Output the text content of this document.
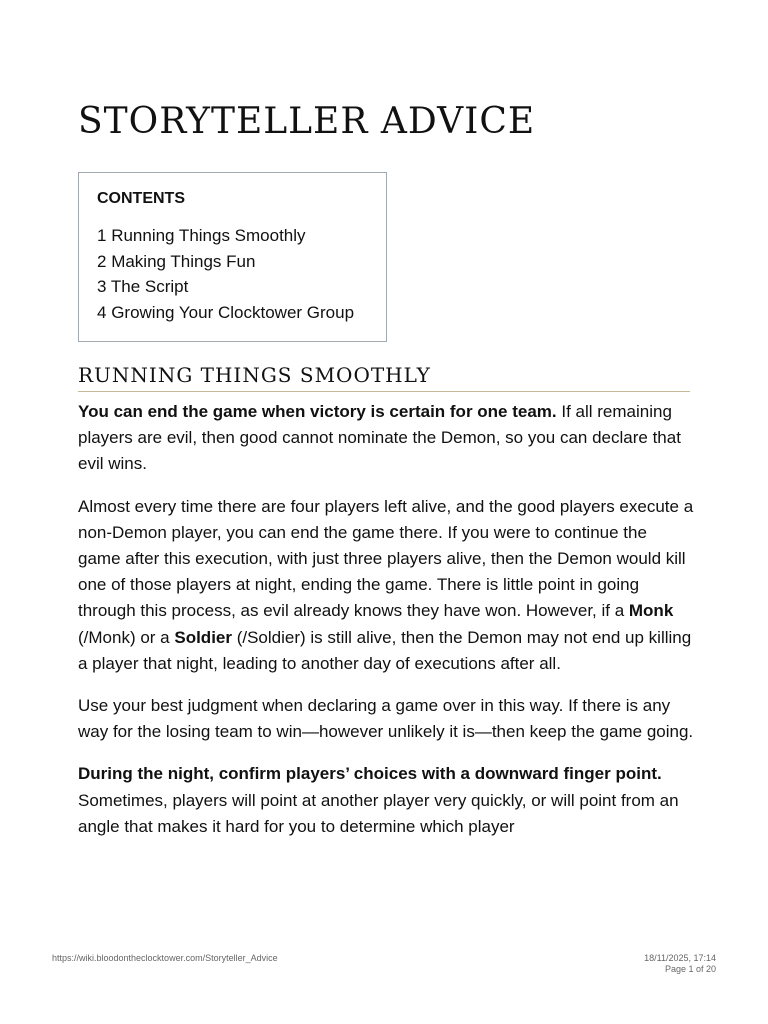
STORYTELLER ADVICE
CONTENTS
1 Running Things Smoothly
2 Making Things Fun
3 The Script
4 Growing Your Clocktower Group
RUNNING THINGS SMOOTHLY

You can end the game when victory is certain for one team. If all remaining players are evil, then good cannot nominate the Demon, so you can declare that evil wins.

Almost every time there are four players left alive, and the good players execute a non-Demon player, you can end the game there. If you were to continue the game after this execution, with just three players alive, then the Demon would kill one of those players at night, ending the game. There is little point in going through this process, as evil already knows they have won. However, if a Monk (/Monk) or a Soldier (/Soldier) is still alive, then the Demon may not end up killing a player that night, leading to another day of executions after all.

Use your best judgment when declaring a game over in this way. If there is any way for the losing team to win—however unlikely it is—then keep the game going.

During the night, confirm players’ choices with a downward finger point. Sometimes, players will point at another player very quickly, or will point from an angle that makes it hard for you to determine which player

https://wiki.bloodontheclocktower.com/Storyteller_Advice	18/11/2025, 17:14
Page 1 of 20
